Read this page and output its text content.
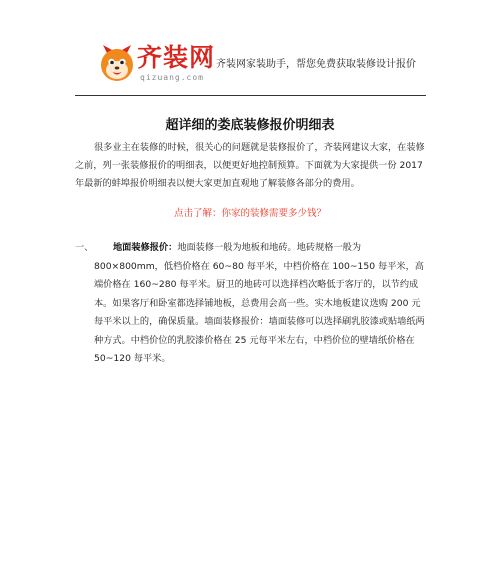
齐装网
qizuang.com
齐装网家装助手，帮您免费获取装修设计报价
超详细的娄底装修报价明细表

很多业主在装修的时候，很关心的问题就是装修报价了，齐装网建议大家，在装修之前，列一张装修报价的明细表，以便更好地控制预算。下面就为大家提供一份 2017 年最新的蚌埠报价明细表以便大家更加直观地了解装修各部分的费用。

点击了解：你家的装修需要多少钱？
一、	地面装修报价：地面装修一般为地板和地砖。地砖规格一般为 800×800mm，低档价格在 60~80 每平米，中档价格在 100~150 每平米，高端价格在 160~280 每平米。厨卫的地砖可以选择档次略低于客厅的，以节约成本。如果客厅和卧室都选择铺地板，总费用会高一些。实木地板建议选购 200 元每平米以上的，确保质量。墙面装修报价：墙面装修可以选择刷乳胶漆或贴墙纸两种方式。中档价位的乳胶漆价格在 25 元每平米左右，中档价位的壁墙纸价格在 50~120 每平米。
